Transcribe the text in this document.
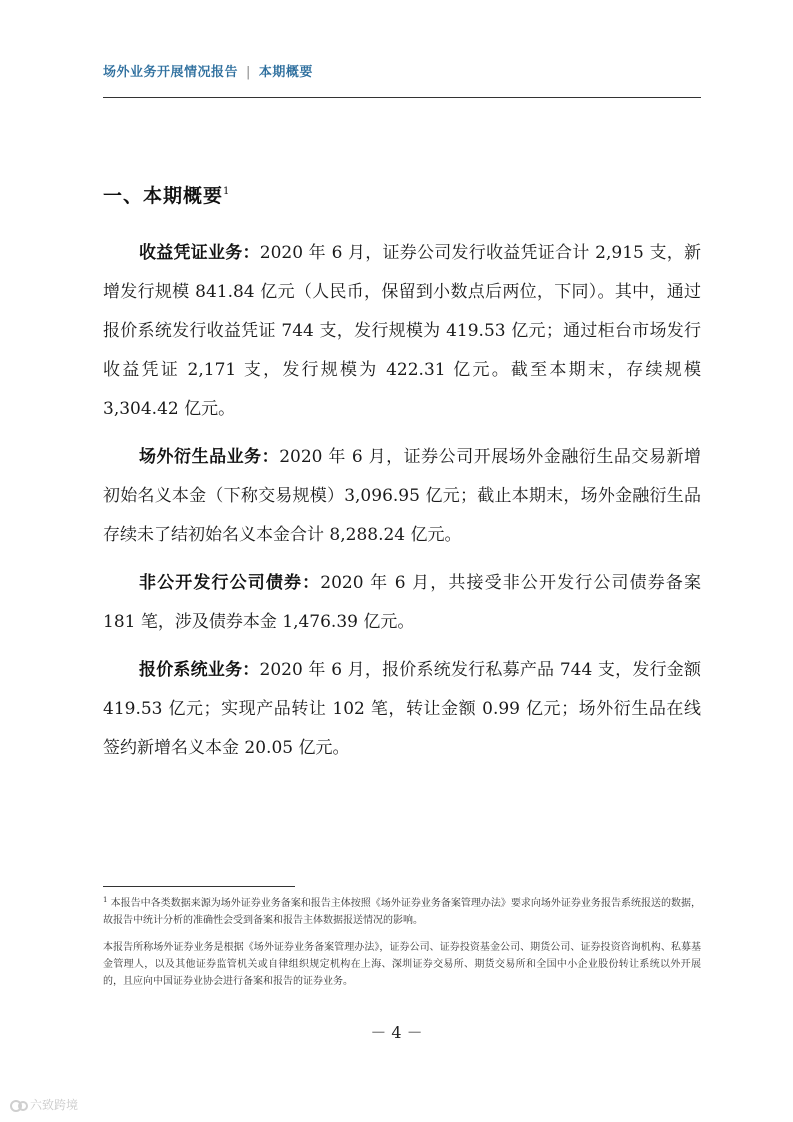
场外业务开展情况报告 | 本期概要
一、本期概要$^1$

收益凭证业务：2020 年 6 月，证券公司发行收益凭证合计 2,915 支，新增发行规模 841.84 亿元（人民币，保留到小数点后两位，下同）。其中，通过报价系统发行收益凭证 744 支，发行规模为 419.53 亿元；通过柜台市场发行收益凭证 2,171 支，发行规模为 422.31 亿元。截至本期末，存续规模 3,304.42 亿元。

场外衍生品业务：2020 年 6 月，证券公司开展场外金融衍生品交易新增初始名义本金（下称交易规模）3,096.95 亿元；截止本期末，场外金融衍生品存续未了结初始名义本金合计 8,288.24 亿元。

非公开发行公司债券：2020 年 6 月，共接受非公开发行公司债券备案 181 笔，涉及债券本金 1,476.39 亿元。

报价系统业务：2020 年 6 月，报价系统发行私募产品 744 支，发行金额 419.53 亿元；实现产品转让 102 笔，转让金额 0.99 亿元；场外衍生品在线签约新增名义本金 20.05 亿元。

$^1$ 本报告中各类数据来源为场外证券业务备案和报告主体按照《场外证券业务备案管理办法》要求向场外证券业务报告系统报送的数据，故报告中统计分析的准确性会受到备案和报告主体数据报送情况的影响。

本报告所称场外证券业务是根据《场外证券业务备案管理办法》，证券公司、证券投资基金公司、期货公司、证券投资咨询机构、私募基金管理人，以及其他证券监管机关或自律组织规定机构在上海、深圳证券交易所、期货交易所和全国中小企业股份转让系统以外开展的，且应向中国证券业协会进行备案和报告的证券业务。

－ 4 －
六致跨境
